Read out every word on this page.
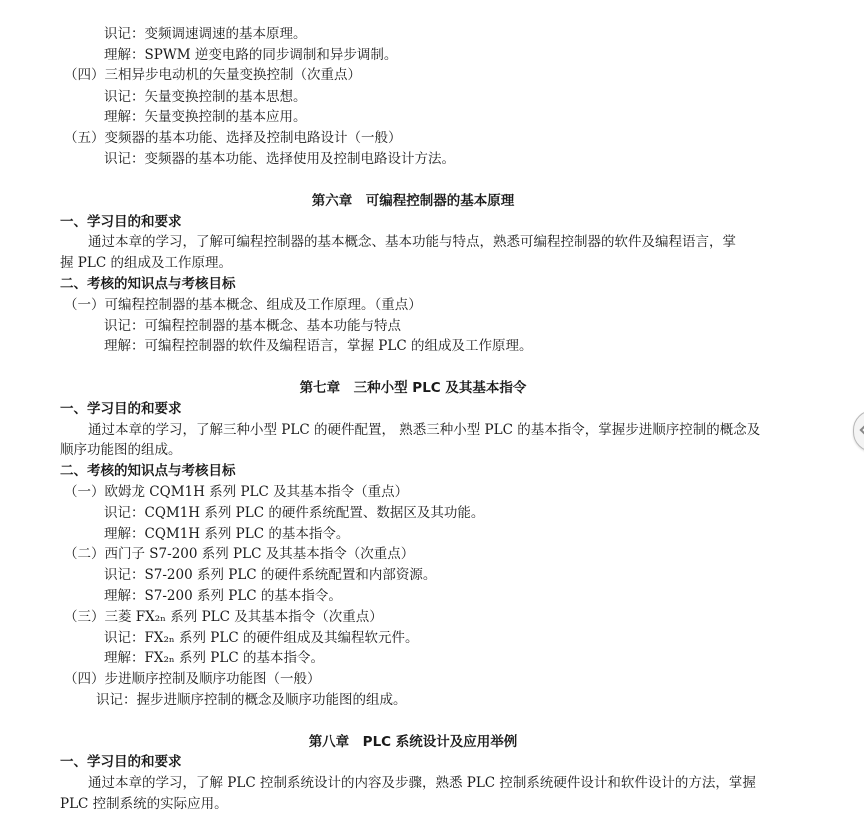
识记：变频调速调速的基本原理。
理解：SPWM 逆变电路的同步调制和异步调制。
（四）三相异步电动机的矢量变换控制（次重点）
识记：矢量变换控制的基本思想。
理解：矢量变换控制的基本应用。
（五）变频器的基本功能、选择及控制电路设计（一般）
识记：变频器的基本功能、选择使用及控制电路设计方法。
第六章　可编程控制器的基本原理
一、学习目的和要求
通过本章的学习，了解可编程控制器的基本概念、基本功能与特点，熟悉可编程控制器的软件及编程语言，掌
握 PLC 的组成及工作原理。
二、考核的知识点与考核目标
（一）可编程控制器的基本概念、组成及工作原理。（重点）
识记：可编程控制器的基本概念、基本功能与特点
理解：可编程控制器的软件及编程语言，掌握 PLC 的组成及工作原理。
第七章　三种小型 PLC 及其基本指令
一、学习目的和要求
通过本章的学习，了解三种小型 PLC 的硬件配置， 熟悉三种小型 PLC 的基本指令，掌握步进顺序控制的概念及
顺序功能图的组成。
二、考核的知识点与考核目标
（一）欧姆龙 CQM1H 系列 PLC 及其基本指令（重点）
识记：CQM1H 系列 PLC 的硬件系统配置、数据区及其功能。
理解：CQM1H 系列 PLC 的基本指令。
（二）西门子 S7-200 系列 PLC 及其基本指令（次重点）
识记：S7-200 系列 PLC 的硬件系统配置和内部资源。
理解：S7-200 系列 PLC 的基本指令。
（三）三菱 FX₂ₙ 系列 PLC 及其基本指令（次重点）
识记：FX₂ₙ 系列 PLC 的硬件组成及其编程软元件。
理解：FX₂ₙ 系列 PLC 的基本指令。
（四）步进顺序控制及顺序功能图（一般）
识记：握步进顺序控制的概念及顺序功能图的组成。
第八章　PLC 系统设计及应用举例
一、学习目的和要求
通过本章的学习，了解 PLC 控制系统设计的内容及步骤，熟悉 PLC 控制系统硬件设计和软件设计的方法，掌握
PLC 控制系统的实际应用。
